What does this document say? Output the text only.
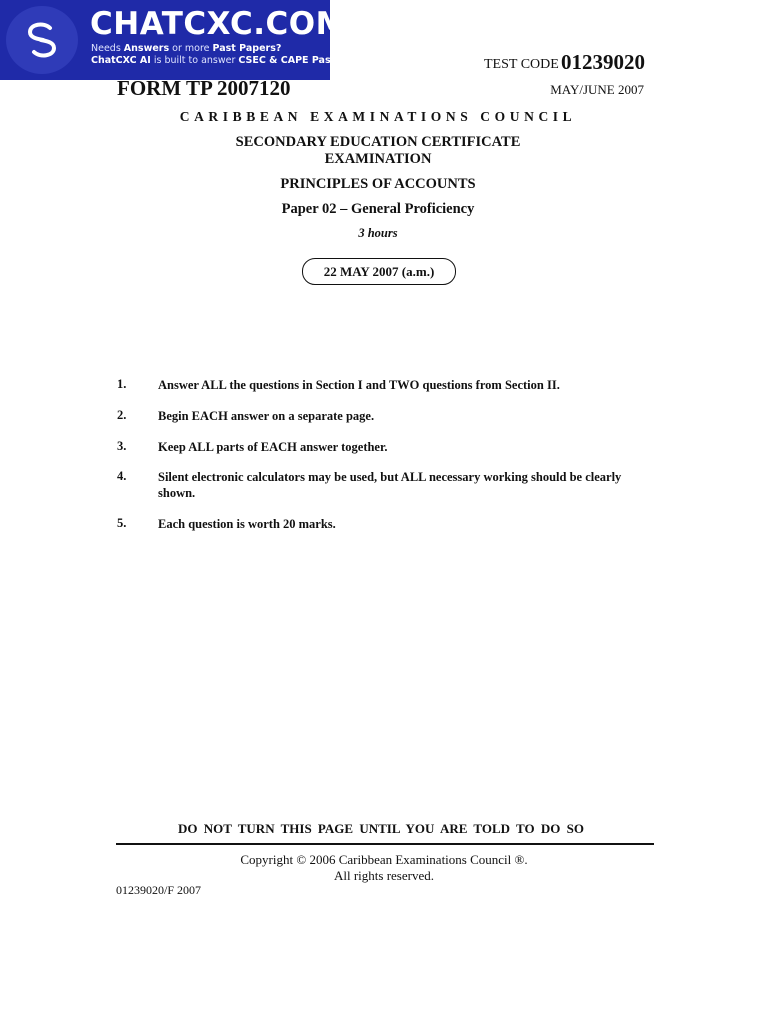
CHATCXC.COM
Needs Answers or more Past Papers?
ChatCXC AI is built to answer CSEC & CAPE Past Papers.	TEST CODE 01239020
FORM TP 2007120	MAY/JUNE 2007
CARIBBEAN EXAMINATIONS COUNCIL
SECONDARY EDUCATION CERTIFICATE
EXAMINATION
PRINCIPLES OF ACCOUNTS
Paper 02 – General Proficiency
3 hours
22 MAY 2007 (a.m.)
1.	Answer ALL the questions in Section I and TWO questions from Section II.
2.	Begin EACH answer on a separate page.
3.	Keep ALL parts of EACH answer together.
4.	Silent electronic calculators may be used, but ALL necessary working should be clearly shown.
5.	Each question is worth 20 marks.
DO NOT TURN THIS PAGE UNTIL YOU ARE TOLD TO DO SO
Copyright © 2006 Caribbean Examinations Council ®.
All rights reserved.
01239020/F 2007
